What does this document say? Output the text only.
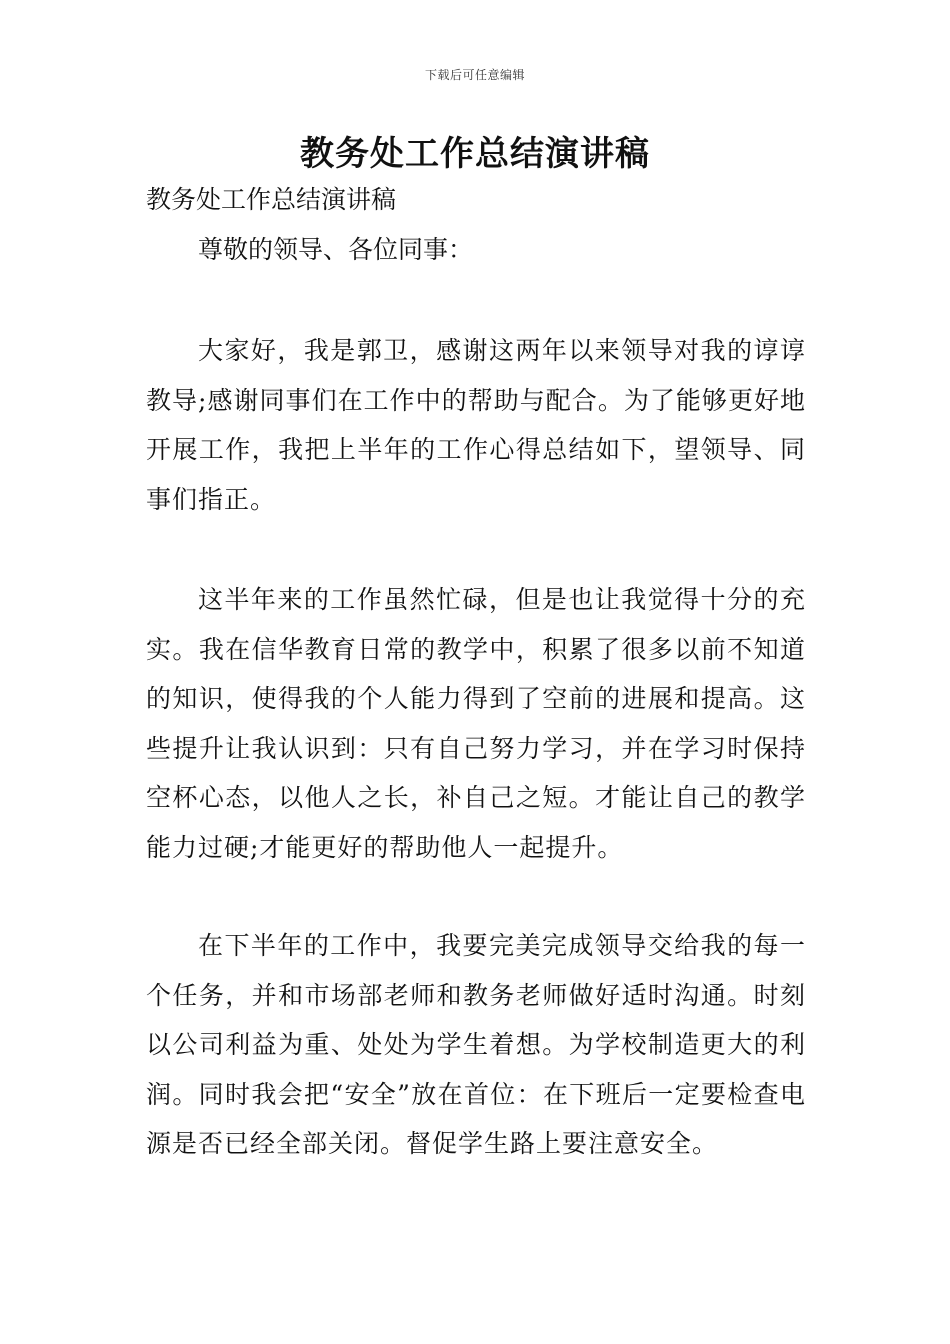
下载后可任意编辑
教务处工作总结演讲稿
教务处工作总结演讲稿
尊敬的领导、各位同事：

大家好，我是郭卫，感谢这两年以来领导对我的谆谆教导;感谢同事们在工作中的帮助与配合。为了能够更好地开展工作，我把上半年的工作心得总结如下，望领导、同事们指正。

这半年来的工作虽然忙碌，但是也让我觉得十分的充实。我在信华教育日常的教学中，积累了很多以前不知道的知识，使得我的个人能力得到了空前的进展和提高。这些提升让我认识到：只有自己努力学习，并在学习时保持空杯心态，以他人之长，补自己之短。才能让自己的教学能力过硬;才能更好的帮助他人一起提升。

在下半年的工作中，我要完美完成领导交给我的每一个任务，并和市场部老师和教务老师做好适时沟通。时刻以公司利益为重、处处为学生着想。为学校制造更大的利润。同时我会把“安全”放在首位：在下班后一定要检查电源是否已经全部关闭。督促学生路上要注意安全。
